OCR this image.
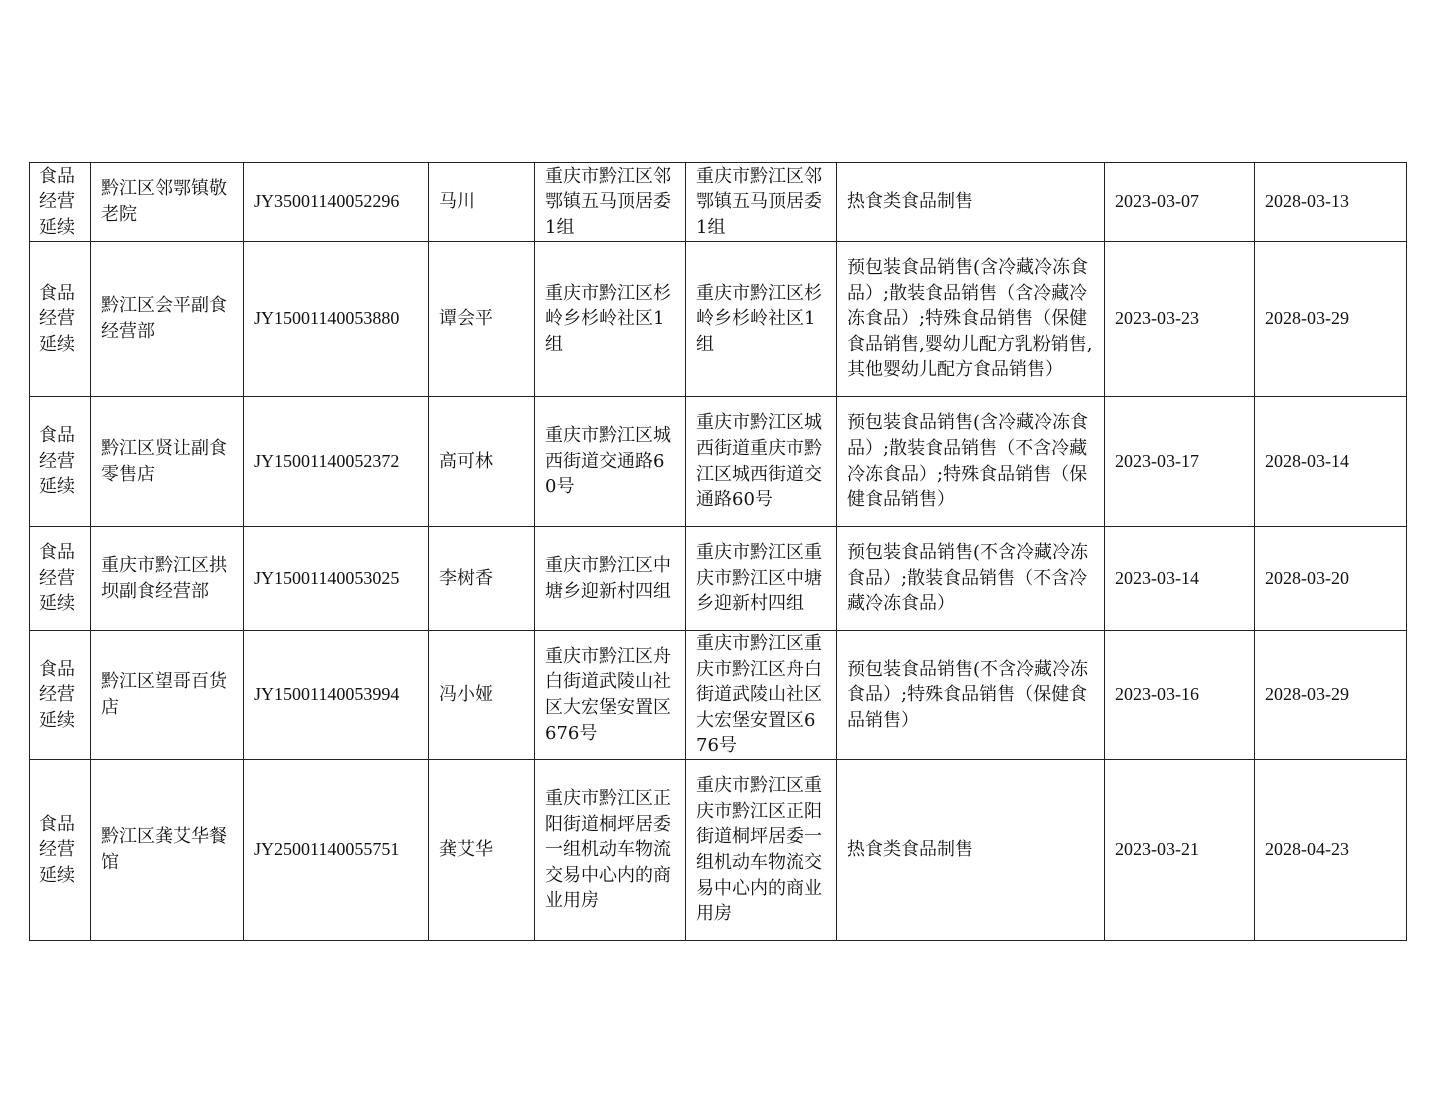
食品经营延续	黔江区邻鄂镇敬老院	JY35001140052296	马川	重庆市黔江区邻鄂镇五马顶居委1组	重庆市黔江区邻鄂镇五马顶居委1组	热食类食品制售	2023-03-07	2028-03-13
食品经营延续	黔江区会平副食经营部	JY15001140053880	谭会平	重庆市黔江区杉岭乡杉岭社区1组	重庆市黔江区杉岭乡杉岭社区1组	预包装食品销售(含冷藏冷冻食品）;散装食品销售（含冷藏冷冻食品）;特殊食品销售（保健食品销售,婴幼儿配方乳粉销售,其他婴幼儿配方食品销售）	2023-03-23	2028-03-29
食品经营延续	黔江区贤让副食零售店	JY15001140052372	高可林	重庆市黔江区城西街道交通路60号	重庆市黔江区城西街道重庆市黔江区城西街道交通路60号	预包装食品销售(含冷藏冷冻食品）;散装食品销售（不含冷藏冷冻食品）;特殊食品销售（保健食品销售）	2023-03-17	2028-03-14
食品经营延续	重庆市黔江区拱坝副食经营部	JY15001140053025	李树香	重庆市黔江区中塘乡迎新村四组	重庆市黔江区重庆市黔江区中塘乡迎新村四组	预包装食品销售(不含冷藏冷冻食品）;散装食品销售（不含冷藏冷冻食品）	2023-03-14	2028-03-20
食品经营延续	黔江区望哥百货店	JY15001140053994	冯小娅	重庆市黔江区舟白街道武陵山社区大宏堡安置区676号	重庆市黔江区重庆市黔江区舟白街道武陵山社区大宏堡安置区676号	预包装食品销售(不含冷藏冷冻食品）;特殊食品销售（保健食品销售）	2023-03-16	2028-03-29
食品经营延续	黔江区龚艾华餐馆	JY25001140055751	龚艾华	重庆市黔江区正阳街道桐坪居委一组机动车物流交易中心内的商业用房	重庆市黔江区重庆市黔江区正阳街道桐坪居委一组机动车物流交易中心内的商业用房	热食类食品制售	2023-03-21	2028-04-23
